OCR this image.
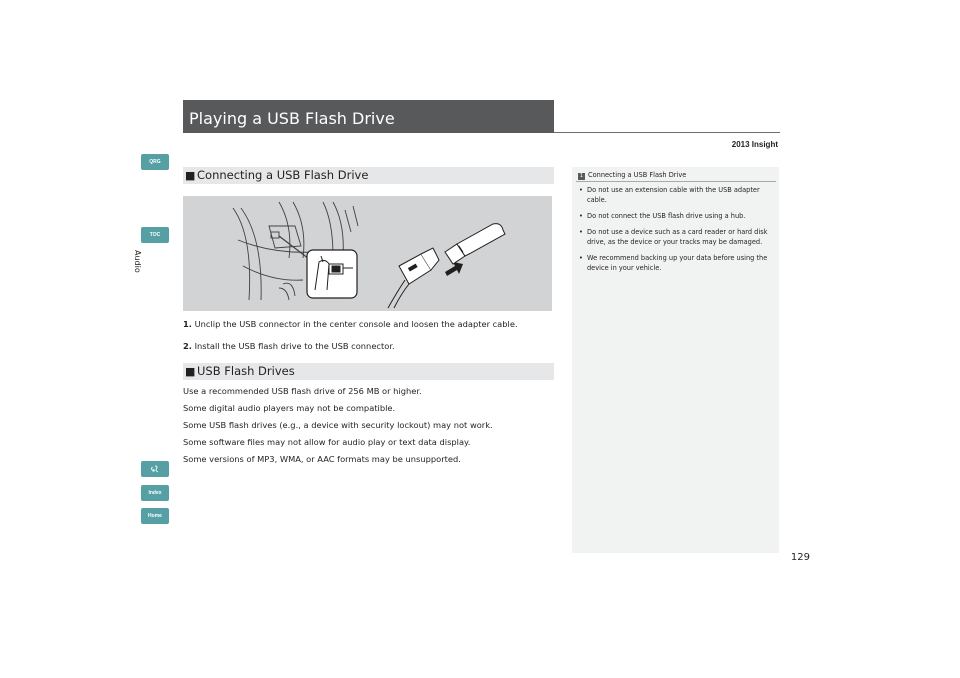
Playing a USB Flash Drive
2013 Insight
QRG
TOC
Audio
Index
Home
■ Connecting a USB Flash Drive
1. Unclip the USB connector in the center console and loosen the adapter cable.
2. Install the USB flash drive to the USB connector.
■ USB Flash Drives
Use a recommended USB flash drive of 256 MB or higher.
Some digital audio players may not be compatible.
Some USB flash drives (e.g., a device with security lockout) may not work.
Some software files may not allow for audio play or text data display.
Some versions of MP3, WMA, or AAC formats may be unsupported.
1 Connecting a USB Flash Drive
• Do not use an extension cable with the USB adapter cable.
• Do not connect the USB flash drive using a hub.
• Do not use a device such as a card reader or hard disk drive, as the device or your tracks may be damaged.
• We recommend backing up your data before using the device in your vehicle.
129
